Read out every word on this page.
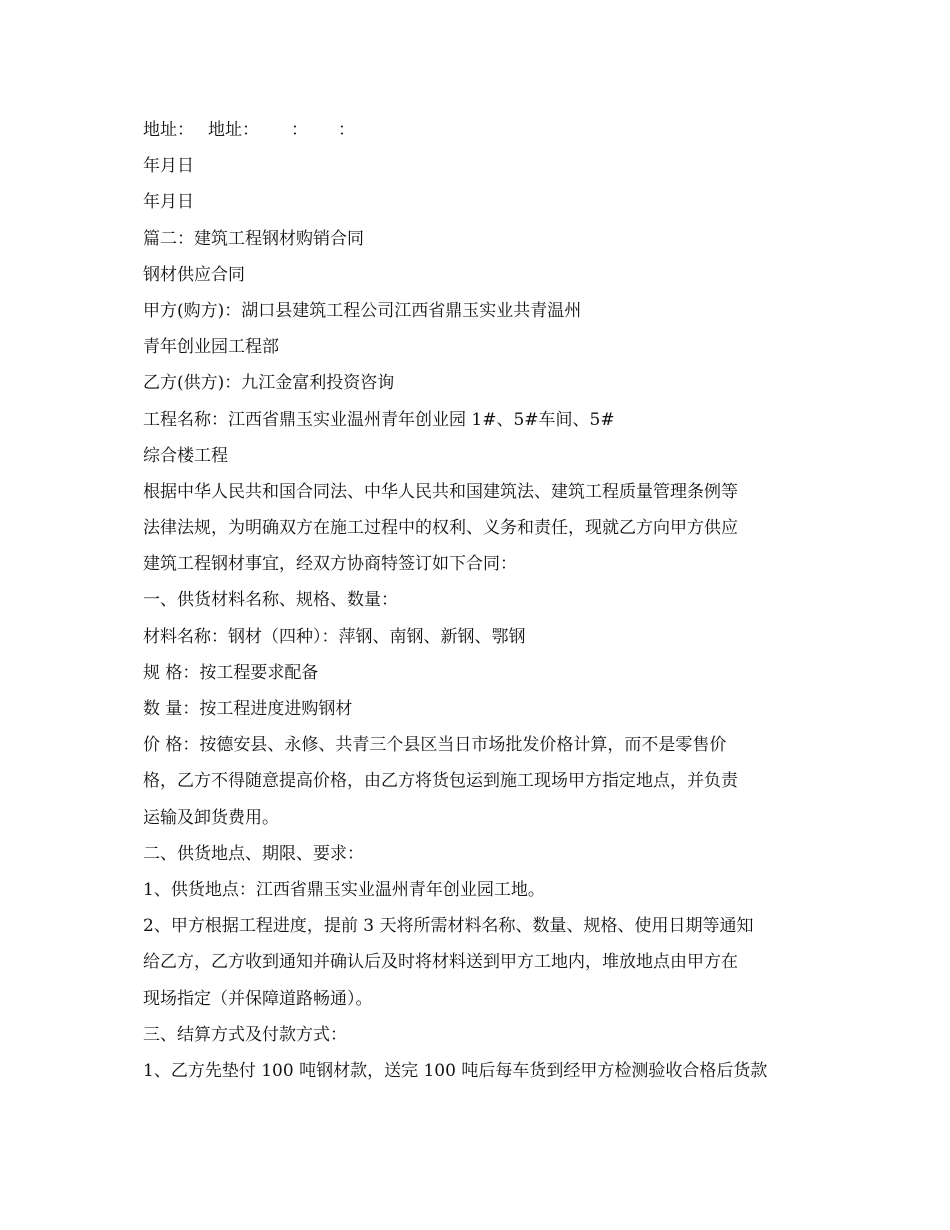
地址： 地址： ： ：

年月日

年月日

篇二：建筑工程钢材购销合同

钢材供应合同

甲方(购方)：湖口县建筑工程公司江西省鼎玉实业共青温州

青年创业园工程部

乙方(供方)：九江金富利投资咨询

工程名称：江西省鼎玉实业温州青年创业园 1#、5#车间、5#

综合楼工程

根据中华人民共和国合同法、中华人民共和国建筑法、建筑工程质量管理条例等

法律法规，为明确双方在施工过程中的权利、义务和责任，现就乙方向甲方供应

建筑工程钢材事宜，经双方协商特签订如下合同：

一、供货材料名称、规格、数量：

材料名称：钢材（四种）：萍钢、南钢、新钢、鄂钢

规 格：按工程要求配备

数 量：按工程进度进购钢材

价 格：按德安县、永修、共青三个县区当日市场批发价格计算，而不是零售价

格，乙方不得随意提高价格，由乙方将货包运到施工现场甲方指定地点，并负责

运输及卸货费用。

二、供货地点、期限、要求：

1、供货地点：江西省鼎玉实业温州青年创业园工地。

2、甲方根据工程进度，提前 3 天将所需材料名称、数量、规格、使用日期等通知

给乙方，乙方收到通知并确认后及时将材料送到甲方工地内，堆放地点由甲方在

现场指定（并保障道路畅通）。

三、结算方式及付款方式：

1、乙方先垫付 100 吨钢材款，送完 100 吨后每车货到经甲方检测验收合格后货款
